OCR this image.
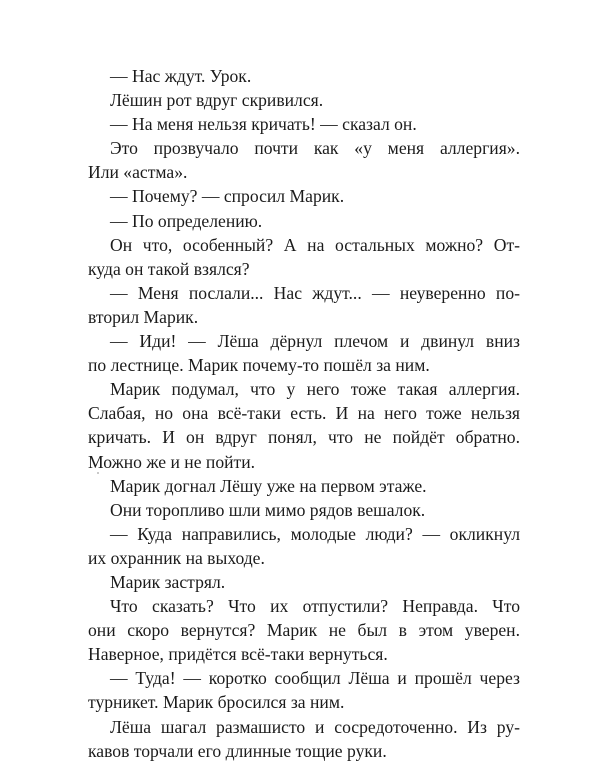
— Нас ждут. Урок.
Лёшин рот вдруг скривился.
— На меня нельзя кричать! — сказал он.
Это прозвучало почти как «у меня аллергия».
Или «астма».
— Почему? — спросил Марик.
— По определению.
Он что, особенный? А на остальных можно? От-
куда он такой взялся?
— Меня послали... Нас ждут... — неуверенно по-
вторил Марик.
— Иди! — Лёша дёрнул плечом и двинул вниз
по лестнице. Марик почему-то пошёл за ним.
Марик подумал, что у него тоже такая аллергия.
Слабая, но она всё-таки есть. И на него тоже нельзя
кричать. И он вдруг понял, что не пойдёт обратно.
Можно же и не пойти.
Марик догнал Лёшу уже на первом этаже.
Они торопливо шли мимо рядов вешалок.
— Куда направились, молодые люди? — окликнул
их охранник на выходе.
Марик застрял.
Что сказать? Что их отпустили? Неправда. Что
они скоро вернутся? Марик не был в этом уверен.
Наверное, придётся всё-таки вернуться.
— Туда! — коротко сообщил Лёша и прошёл через
турникет. Марик бросился за ним.
Лёша шагал размашисто и сосредоточенно. Из ру-
кавов торчали его длинные тощие руки.
